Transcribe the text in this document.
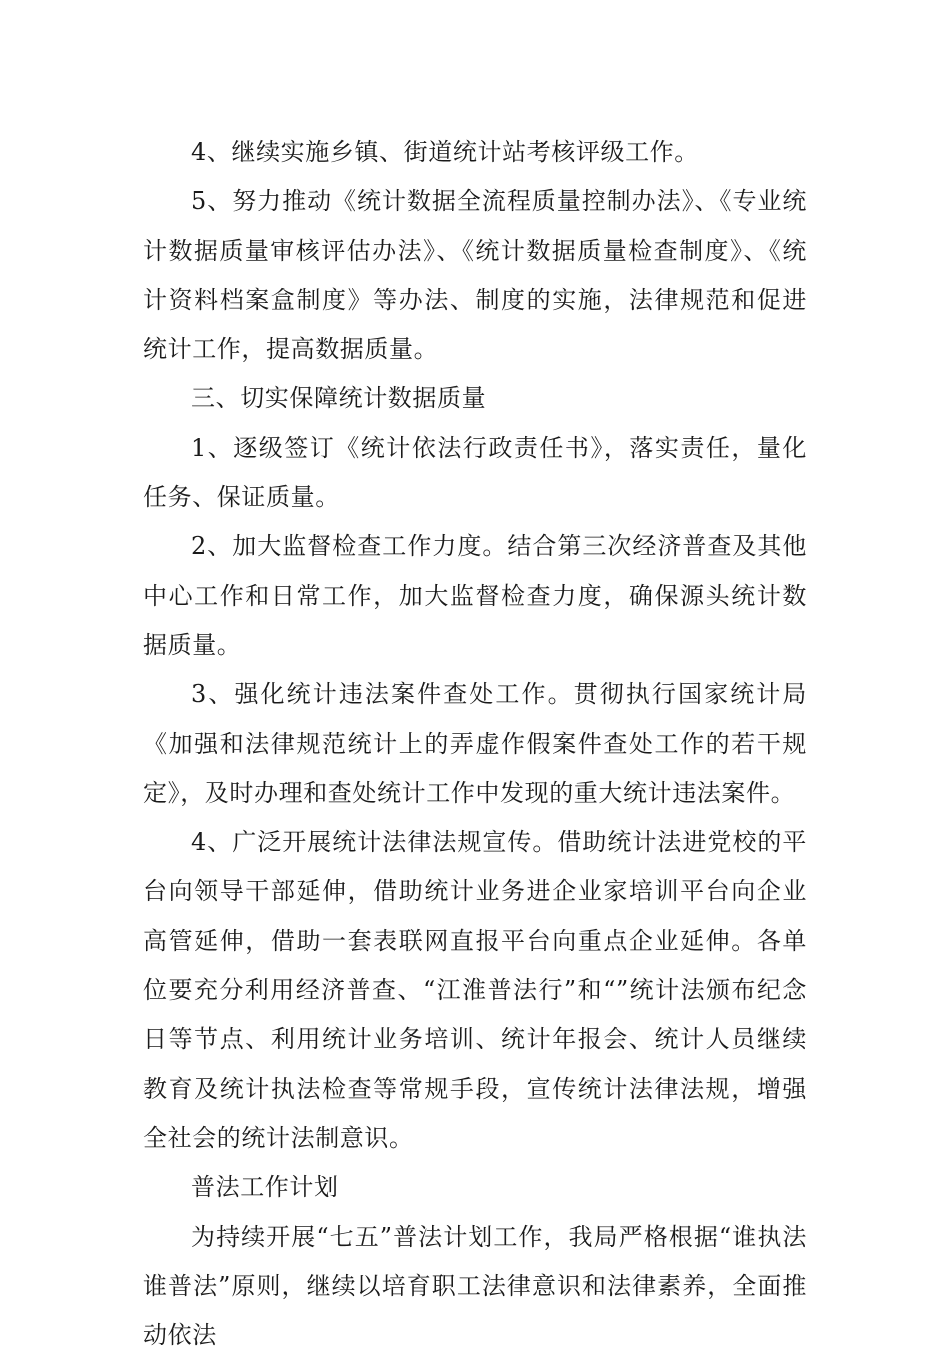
4、继续实施乡镇、街道统计站考核评级工作。

5、努力推动《统计数据全流程质量控制办法》、《专业统计数据质量审核评估办法》、《统计数据质量检查制度》、《统计资料档案盒制度》等办法、制度的实施，法律规范和促进统计工作，提高数据质量。

三、切实保障统计数据质量

1、逐级签订《统计依法行政责任书》，落实责任，量化任务、保证质量。

2、加大监督检查工作力度。结合第三次经济普查及其他中心工作和日常工作，加大监督检查力度，确保源头统计数据质量。

3、强化统计违法案件查处工作。贯彻执行国家统计局《加强和法律规范统计上的弄虚作假案件查处工作的若干规定》，及时办理和查处统计工作中发现的重大统计违法案件。

4、广泛开展统计法律法规宣传。借助统计法进党校的平台向领导干部延伸，借助统计业务进企业家培训平台向企业高管延伸，借助一套表联网直报平台向重点企业延伸。各单位要充分利用经济普查、“江淮普法行”和“”统计法颁布纪念日等节点、利用统计业务培训、统计年报会、统计人员继续教育及统计执法检查等常规手段，宣传统计法律法规，增强全社会的统计法制意识。

普法工作计划

为持续开展“七五”普法计划工作，我局严格根据“谁执法谁普法”原则，继续以培育职工法律意识和法律素养，全面推动依法
